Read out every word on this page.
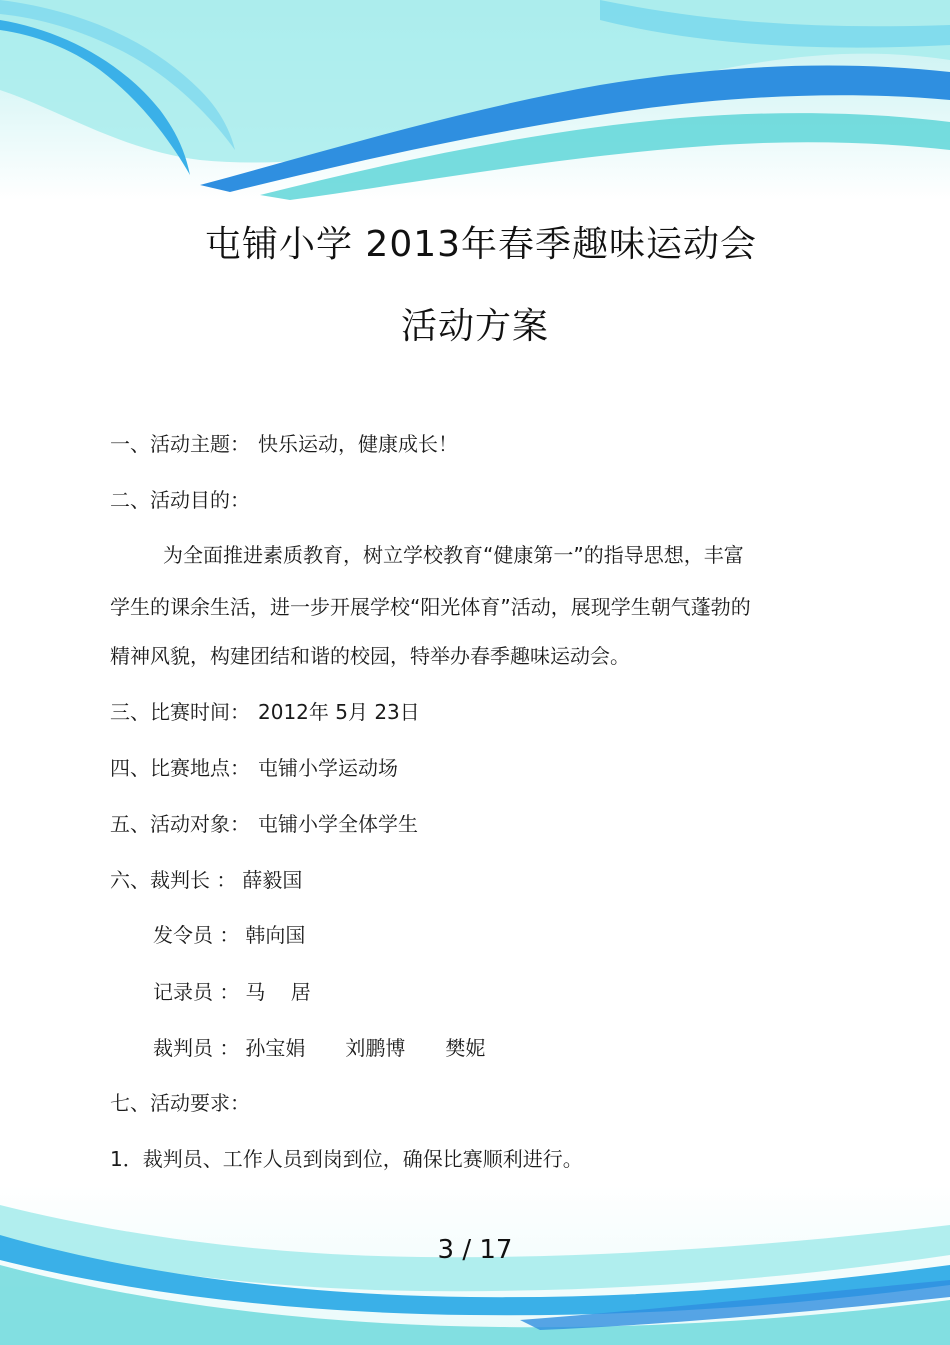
屯铺小学 2013年春季趣味运动会
活动方案
一、活动主题： 快乐运动，健康成长！
二、活动目的：
为全面推进素质教育，树立学校教育“健康第一”的指导思想，丰富
学生的课余生活，进一步开展学校“阳光体育”活动，展现学生朝气蓬勃的
精神风貌，构建团结和谐的校园，特举办春季趣味运动会。
三、比赛时间： 2012年 5月 23日
四、比赛地点： 屯铺小学运动场
五、活动对象： 屯铺小学全体学生
六、裁判长 ： 薛毅国
发令员 ： 韩向国
记录员 ： 马    居
裁判员 ： 孙宝娟 刘鹏博 樊妮
七、活动要求：
1．裁判员、工作人员到岗到位，确保比赛顺利进行。
3 / 17
